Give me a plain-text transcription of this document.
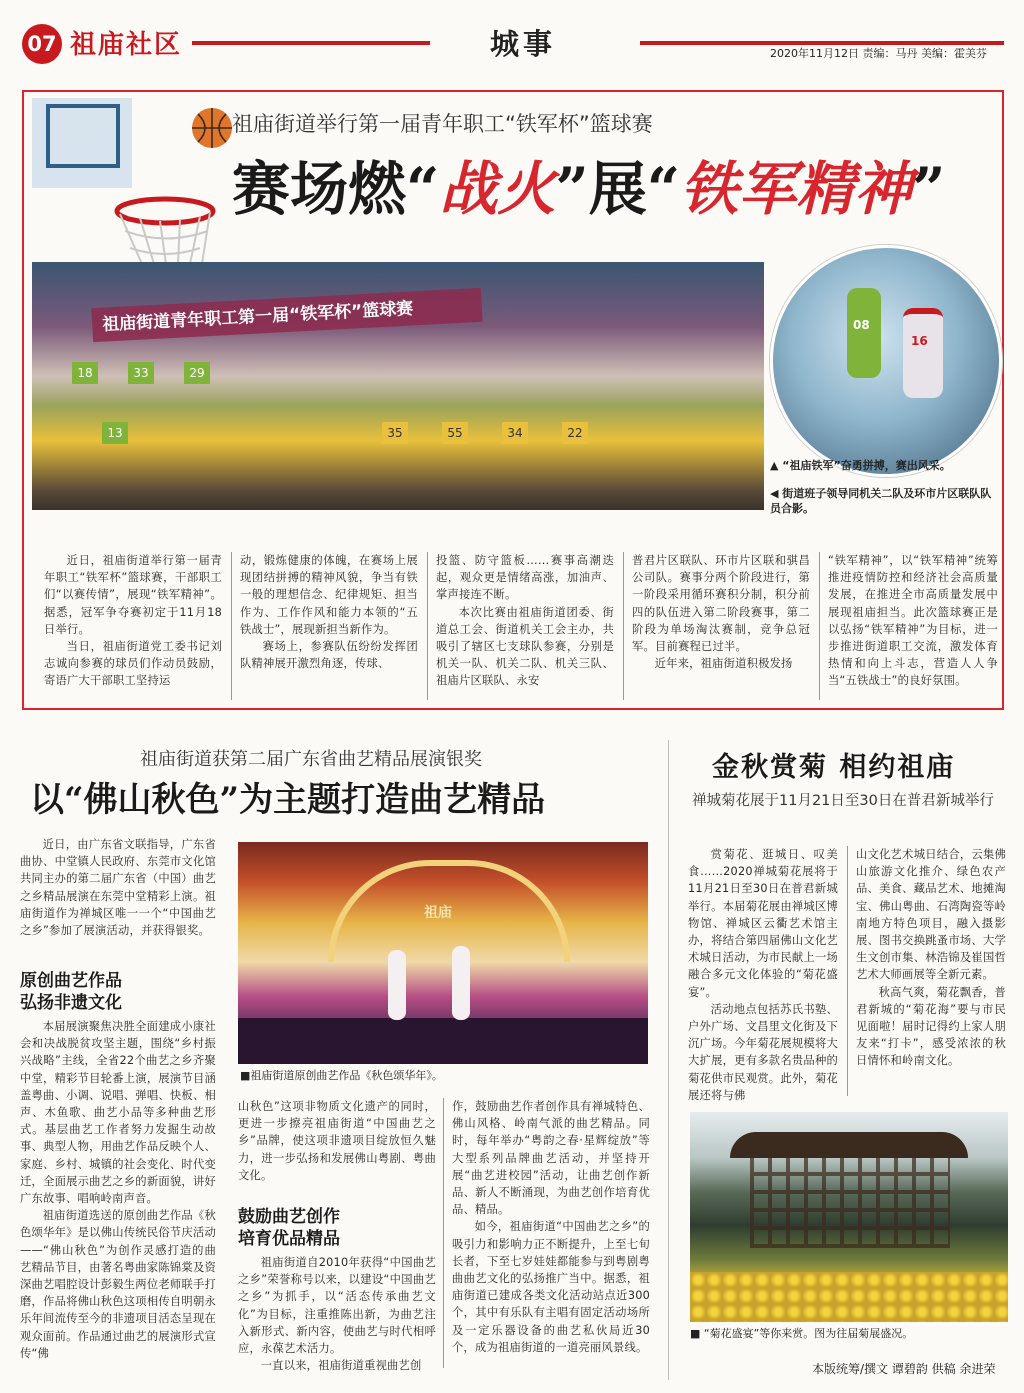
07 祖庙社区	城事	2020年11月12日 责编：马丹 美编：霍美芬
祖庙街道举行第一届青年职工“铁军杯”篮球赛
赛场燃“战火”展“铁军精神”
祖庙街道青年职工第一届“铁军杯”篮球赛
18	33	29
13	35	55	34	22
08
16
▲ “祖庙铁军”奋勇拼搏，赛出风采。
◀ 街道班子领导同机关二队及环市片区联队队员合影。

近日，祖庙街道举行第一届青年职工“铁军杯”篮球赛，干部职工们“以赛传情”，展现“铁军精神”。据悉，冠军争夺赛初定于11月18日举行。

当日，祖庙街道党工委书记刘志诚向参赛的球员们作动员鼓励，寄语广大干部职工坚持运

动，锻炼健康的体魄，在赛场上展现团结拼搏的精神风貌，争当有铁一般的理想信念、纪律规矩、担当作为、工作作风和能力本领的“五铁战士”，展现新担当新作为。

赛场上，参赛队伍纷纷发挥团队精神展开激烈角逐，传球、

投篮、防守篮板……赛事高潮迭起，观众更是情绪高涨，加油声、掌声接连不断。

本次比赛由祖庙街道团委、街道总工会、街道机关工会主办，共吸引了辖区七支球队参赛，分别是机关一队、机关二队、机关三队、祖庙片区联队、永安

普君片区联队、环市片区联和骐昌公司队。赛事分两个阶段进行，第一阶段采用循环赛积分制，积分前四的队伍进入第二阶段赛事，第二阶段为单场淘汰赛制，竞争总冠军。目前赛程已过半。

近年来，祖庙街道积极发扬

“铁军精神”，以“铁军精神”统筹推进疫情防控和经济社会高质量发展，在推进全市高质量发展中展现祖庙担当。此次篮球赛正是以弘扬“铁军精神”为目标，进一步推进街道职工交流，激发体育热情和向上斗志，营造人人争当“五铁战士”的良好氛围。

祖庙街道获第二届广东省曲艺精品展演银奖
以“佛山秋色”为主题打造曲艺精品

近日，由广东省文联指导，广东省曲协、中堂镇人民政府、东莞市文化馆共同主办的第二届广东省（中国）曲艺之乡精品展演在东莞中堂精彩上演。祖庙街道作为禅城区唯一一个“中国曲艺之乡”参加了展演活动，并获得银奖。

原创曲艺作品
弘扬非遗文化

本届展演聚焦决胜全面建成小康社会和决战脱贫攻坚主题，围绕“乡村振兴战略”主线，全省22个曲艺之乡齐聚中堂，精彩节目轮番上演，展演节目涵盖粤曲、小调、说唱、弹唱、快板、相声、木鱼歌、曲艺小品等多种曲艺形式。基层曲艺工作者努力发掘生动故事、典型人物，用曲艺作品反映个人、家庭、乡村、城镇的社会变化、时代变迁，全面展示曲艺之乡的新面貌，讲好广东故事、唱响岭南声音。

祖庙街道选送的原创曲艺作品《秋色颂华年》是以佛山传统民俗节庆活动——“佛山秋色”为创作灵感打造的曲艺精品节目，由著名粤曲家陈锦棠及资深曲艺唱腔设计彭毅生两位老师联手打磨，作品将佛山秋色这项相传自明朝永乐年间流传至今的非遗项目活态呈现在观众面前。作品通过曲艺的展演形式宣传“佛

祖庙
■祖庙街道原创曲艺作品《秋色颂华年》。

山秋色”这项非物质文化遗产的同时，更进一步擦亮祖庙街道“中国曲艺之乡”品牌，使这项非遗项目绽放恒久魅力，进一步弘扬和发展佛山粤剧、粤曲文化。

鼓励曲艺创作
培育优品精品

祖庙街道自2010年获得“中国曲艺之乡”荣誉称号以来，以建设“中国曲艺之乡”为抓手，以“活态传承曲艺文化”为目标，注重推陈出新，为曲艺注入新形式、新内容，使曲艺与时代相呼应，永葆艺术活力。

一直以来，祖庙街道重视曲艺创

作，鼓励曲艺作者创作具有禅城特色、佛山风格、岭南气派的曲艺精品。同时，每年举办“粤韵之春·星辉绽放”等大型系列品牌曲艺活动，并坚持开展“曲艺进校园”活动，让曲艺创作新品、新人不断涌现，为曲艺创作培育优品、精品。

如今，祖庙街道“中国曲艺之乡”的吸引力和影响力正不断提升，上至七旬长者，下至七岁娃娃都能参与到粤剧粤曲曲艺文化的弘扬推广当中。据悉，祖庙街道已建成各类文化活动站点近300个，其中有乐队有主唱有固定活动场所及一定乐器设备的曲艺私伙局近30个，成为祖庙街道的一道亮丽风景线。

金秋赏菊 相约祖庙
禅城菊花展于11月21日至30日在普君新城举行

赏菊花、逛城日、叹美食……2020禅城菊花展将于11月21日至30日在普君新城举行。本届菊花展由禅城区博物馆、禅城区云衢艺术馆主办，将结合第四届佛山文化艺术城日活动，为市民献上一场融合多元文化体验的“菊花盛宴”。

活动地点包括苏氏书塾、户外广场、文昌里文化街及下沉广场。今年菊花展规模将大大扩展，更有多款名贵品种的菊花供市民观赏。此外，菊花展还将与佛

山文化艺术城日结合，云集佛山旅游文化推介、绿色农产品、美食、藏品艺术、地摊淘宝、佛山粤曲、石湾陶瓷等岭南地方特色项目，融入摄影展、图书交换跳蚤市场、大学生文创市集、林浩锦及崔国哲艺术大师画展等全新元素。

秋高气爽，菊花飘香，普君新城的“菊花海”要与市民见面啦！届时记得约上家人朋友来“打卡”，感受浓浓的秋日情怀和岭南文化。

■ “菊花盛宴”等你来赏。图为往届菊展盛况。
本版统筹/撰文 谭碧韵 供稿 余进荣
